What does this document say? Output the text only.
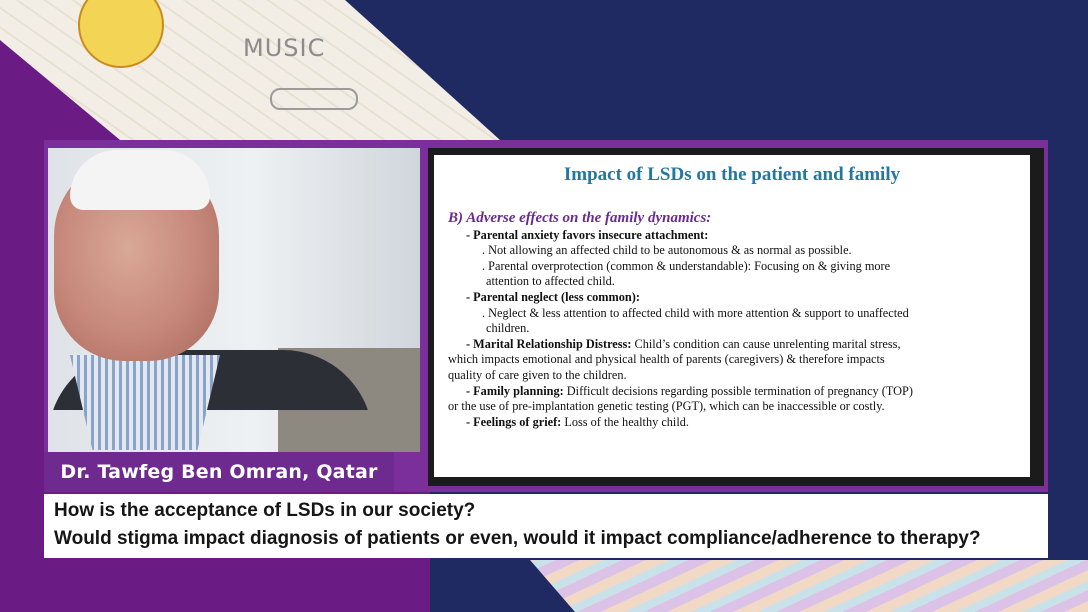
MUSIC
Dr. Tawfeg Ben Omran, Qatar
Impact of LSDs on the patient and family
B) Adverse effects on the family dynamics:
- Parental anxiety favors insecure attachment:
. Not allowing an affected child to be autonomous & as normal as possible.
. Parental overprotection (common & understandable): Focusing on & giving more
attention to affected child.
- Parental neglect (less common):
. Neglect & less attention to affected child with more attention & support to unaffected
children.
- Marital Relationship Distress: Child’s condition can cause unrelenting marital stress,
which impacts emotional and physical health of parents (caregivers) & therefore impacts
quality of care given to the children.
- Family planning: Difficult decisions regarding possible termination of pregnancy (TOP)
or the use of pre-implantation genetic testing (PGT), which can be inaccessible or costly.
- Feelings of grief: Loss of the healthy child.
How is the acceptance of LSDs in our society?
Would stigma impact diagnosis of patients or even, would it impact compliance/adherence to therapy?
